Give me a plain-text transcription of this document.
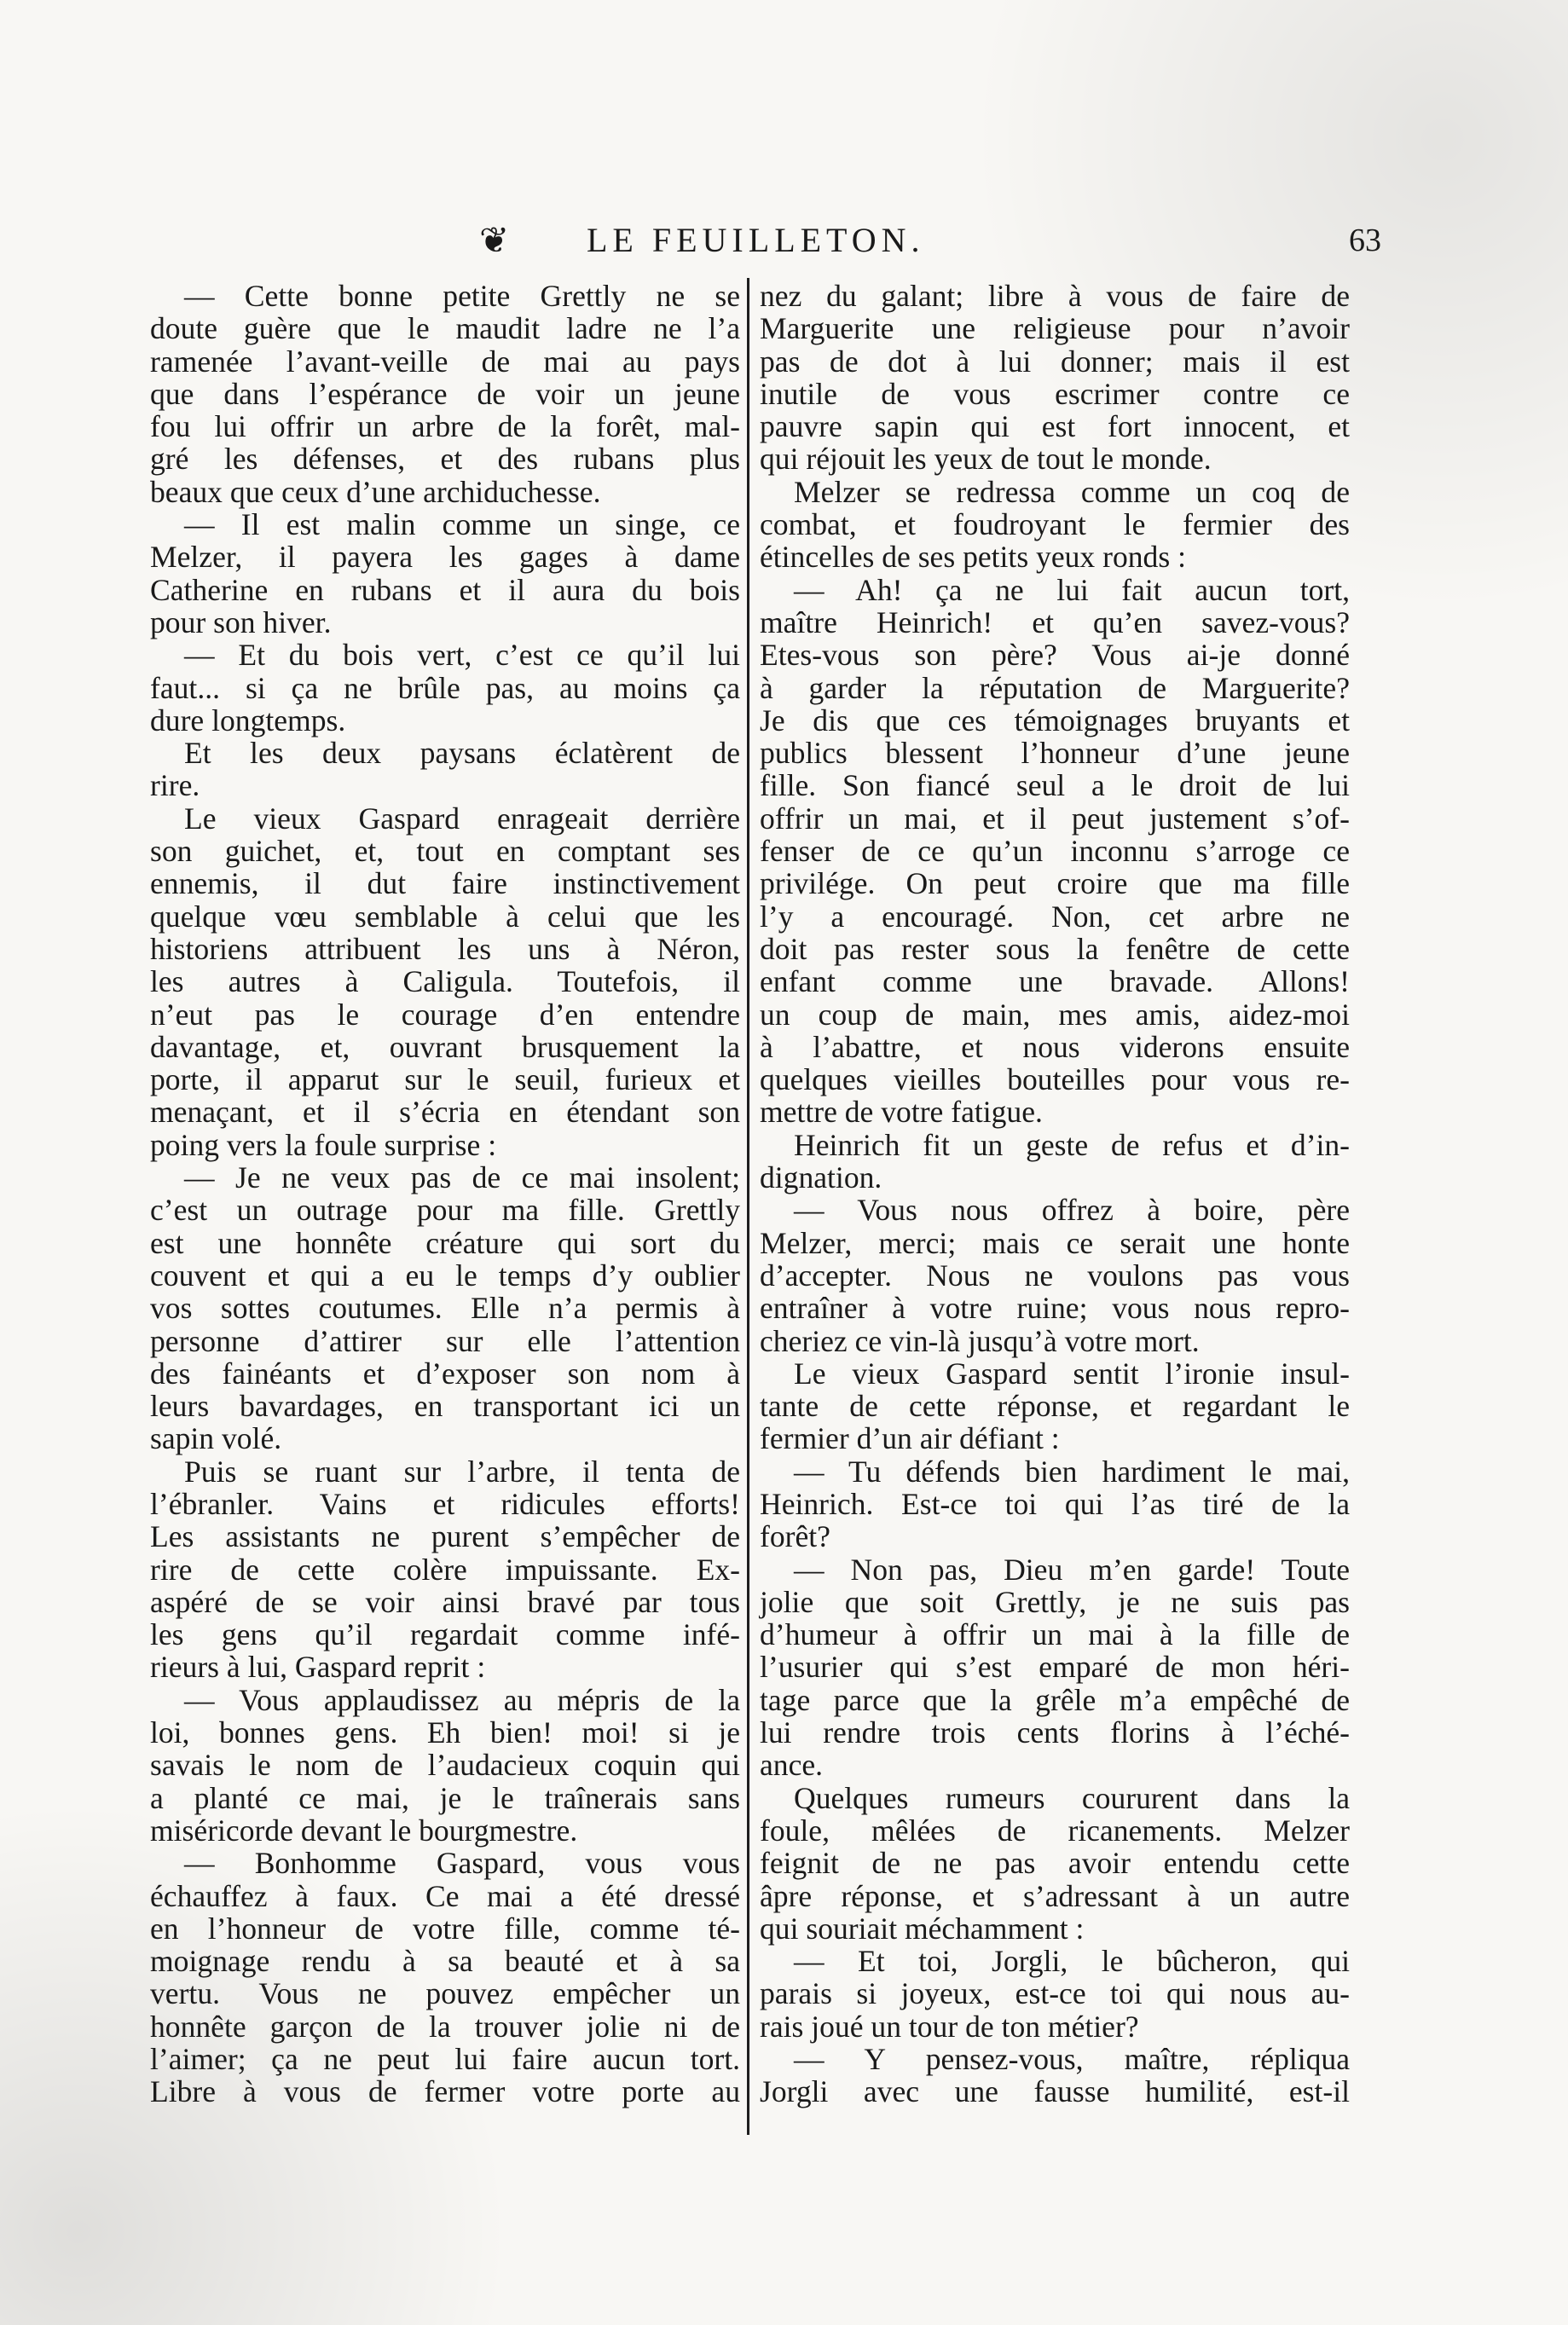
❦ LE FEUILLETON.	63
— Cette bonne petite Grettly ne se
doute guère que le maudit ladre ne l’a
ramenée l’avant-veille de mai au pays
que dans l’espérance de voir un jeune
fou lui offrir un arbre de la forêt, mal-
gré les défenses, et des rubans plus
beaux que ceux d’une archiduchesse.
— Il est malin comme un singe, ce
Melzer, il payera les gages à dame
Catherine en rubans et il aura du bois
pour son hiver.
— Et du bois vert, c’est ce qu’il lui
faut... si ça ne brûle pas, au moins ça
dure longtemps.
Et les deux paysans éclatèrent de
rire.
Le vieux Gaspard enrageait derrière
son guichet, et, tout en comptant ses
ennemis, il dut faire instinctivement
quelque vœu semblable à celui que les
historiens attribuent les uns à Néron,
les autres à Caligula. Toutefois, il
n’eut pas le courage d’en entendre
davantage, et, ouvrant brusquement la
porte, il apparut sur le seuil, furieux et
menaçant, et il s’écria en étendant son
poing vers la foule surprise :
— Je ne veux pas de ce mai insolent;
c’est un outrage pour ma fille. Grettly
est une honnête créature qui sort du
couvent et qui a eu le temps d’y oublier
vos sottes coutumes. Elle n’a permis à
personne d’attirer sur elle l’attention
des fainéants et d’exposer son nom à
leurs bavardages, en transportant ici un
sapin volé.
Puis se ruant sur l’arbre, il tenta de
l’ébranler. Vains et ridicules efforts!
Les assistants ne purent s’empêcher de
rire de cette colère impuissante. Ex-
aspéré de se voir ainsi bravé par tous
les gens qu’il regardait comme infé-
rieurs à lui, Gaspard reprit :
— Vous applaudissez au mépris de la
loi, bonnes gens. Eh bien! moi! si je
savais le nom de l’audacieux coquin qui
a planté ce mai, je le traînerais sans
miséricorde devant le bourgmestre.
— Bonhomme Gaspard, vous vous
échauffez à faux. Ce mai a été dressé
en l’honneur de votre fille, comme té-
moignage rendu à sa beauté et à sa
vertu. Vous ne pouvez empêcher un
honnête garçon de la trouver jolie ni de
l’aimer; ça ne peut lui faire aucun tort.
Libre à vous de fermer votre porte au
nez du galant; libre à vous de faire de
Marguerite une religieuse pour n’avoir
pas de dot à lui donner; mais il est
inutile de vous escrimer contre ce
pauvre sapin qui est fort innocent, et
qui réjouit les yeux de tout le monde.
Melzer se redressa comme un coq de
combat, et foudroyant le fermier des
étincelles de ses petits yeux ronds :
— Ah! ça ne lui fait aucun tort,
maître Heinrich! et qu’en savez-vous?
Etes-vous son père? Vous ai-je donné
à garder la réputation de Marguerite?
Je dis que ces témoignages bruyants et
publics blessent l’honneur d’une jeune
fille. Son fiancé seul a le droit de lui
offrir un mai, et il peut justement s’of-
fenser de ce qu’un inconnu s’arroge ce
privilége. On peut croire que ma fille
l’y a encouragé. Non, cet arbre ne
doit pas rester sous la fenêtre de cette
enfant comme une bravade. Allons!
un coup de main, mes amis, aidez-moi
à l’abattre, et nous viderons ensuite
quelques vieilles bouteilles pour vous re-
mettre de votre fatigue.
Heinrich fit un geste de refus et d’in-
dignation.
— Vous nous offrez à boire, père
Melzer, merci; mais ce serait une honte
d’accepter. Nous ne voulons pas vous
entraîner à votre ruine; vous nous repro-
cheriez ce vin-là jusqu’à votre mort.
Le vieux Gaspard sentit l’ironie insul-
tante de cette réponse, et regardant le
fermier d’un air défiant :
— Tu défends bien hardiment le mai,
Heinrich. Est-ce toi qui l’as tiré de la
forêt?
— Non pas, Dieu m’en garde! Toute
jolie que soit Grettly, je ne suis pas
d’humeur à offrir un mai à la fille de
l’usurier qui s’est emparé de mon héri-
tage parce que la grêle m’a empêché de
lui rendre trois cents florins à l’éché-
ance.
Quelques rumeurs coururent dans la
foule, mêlées de ricanements. Melzer
feignit de ne pas avoir entendu cette
âpre réponse, et s’adressant à un autre
qui souriait méchamment :
— Et toi, Jorgli, le bûcheron, qui
parais si joyeux, est-ce toi qui nous au-
rais joué un tour de ton métier?
— Y pensez-vous, maître, répliqua
Jorgli avec une fausse humilité, est-il
